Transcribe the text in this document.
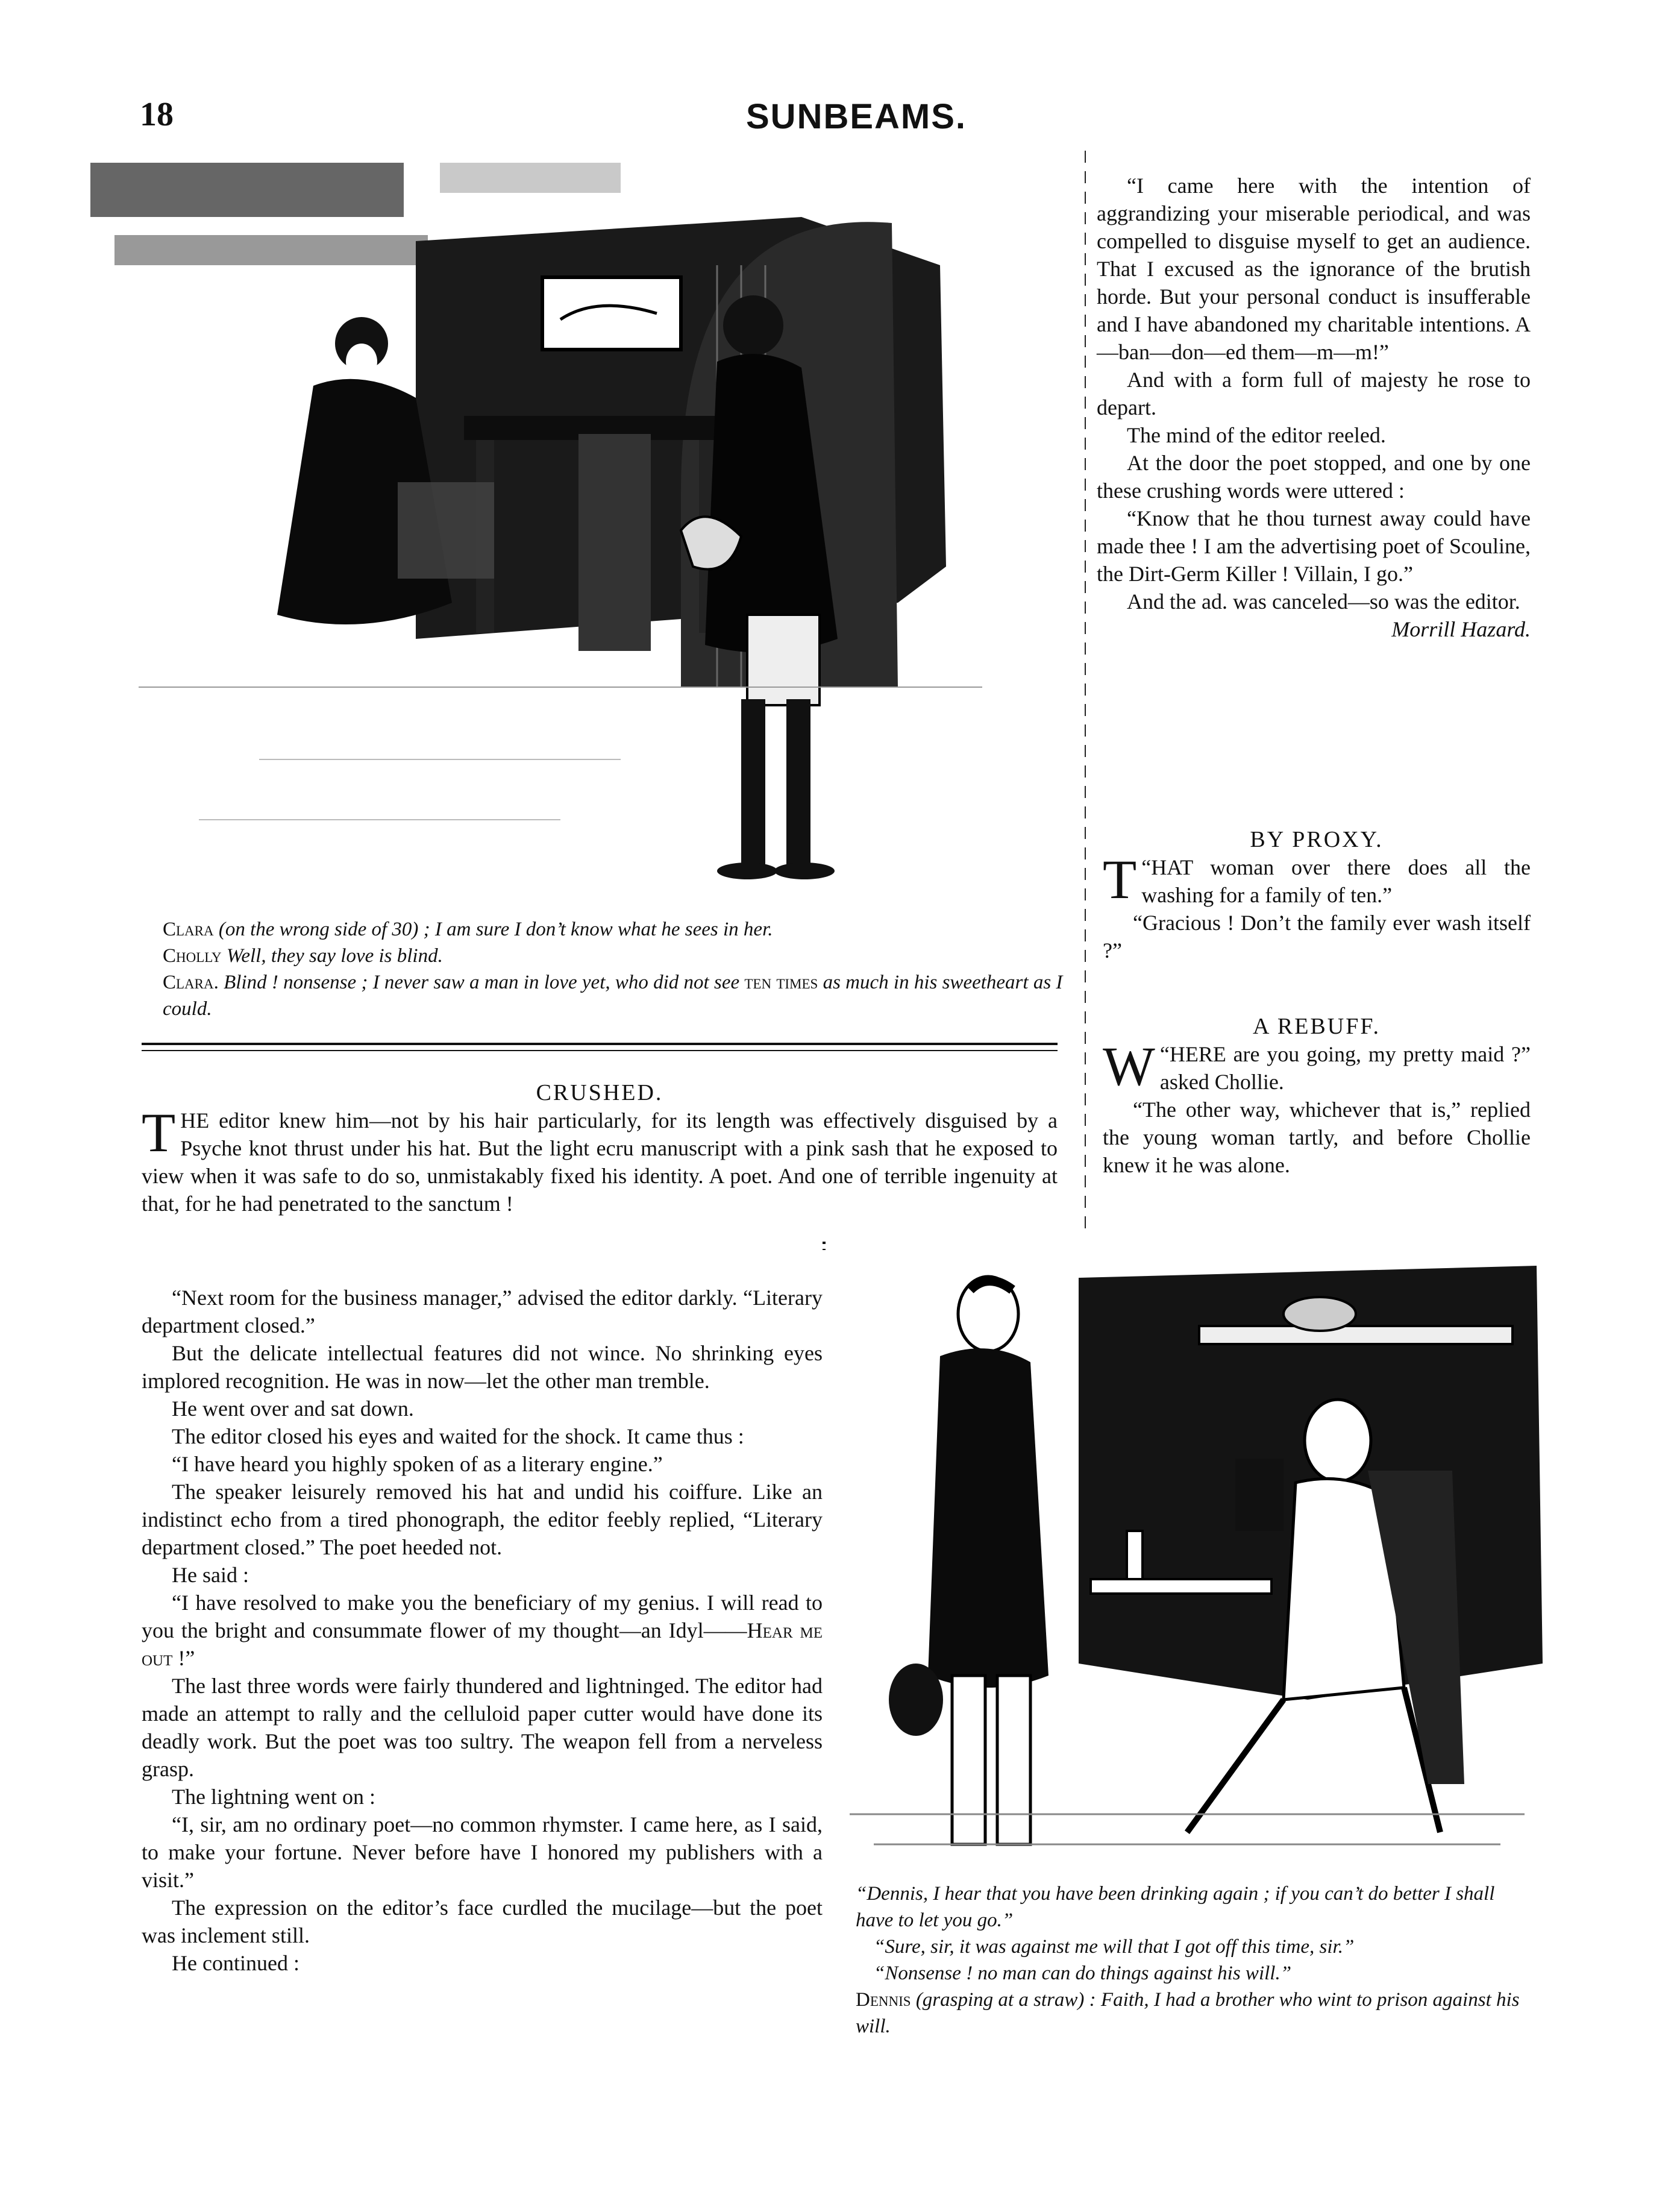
18	SUNBEAMS.

“I came here with the intention of aggrandizing your miserable periodical, and was compelled to disguise myself to get an audience. That I excused as the ignorance of the brutish horde. But your personal conduct is insufferable and I have abandoned my charitable intentions. A—ban—don—ed them—m—m!”

And with a form full of majesty he rose to depart.

The mind of the editor reeled.

At the door the poet stopped, and one by one these crushing words were uttered :

“Know that he thou turnest away could have made thee ! I am the advertising poet of Scouline, the Dirt-Germ Killer ! Villain, I go.”

And the ad. was canceled—so was the editor.

Morrill Hazard.

Clara (on the wrong side of 30) ; I am sure I don’t know what he sees in her.

Cholly Well, they say love is blind.

Clara. Blind ! nonsense ; I never saw a man in love yet, who did not see ten times as much in his sweetheart as I could.

BY PROXY.

“
T HAT woman over there does all the washing for a family of ten.”

“Gracious ! Don’t the family ever wash itself ?”

A REBUFF.

“
W HERE are you going, my pretty maid ?” asked Chollie.

“The other way, whichever that is,” replied the young woman tartly, and before Chollie knew it he was alone.

CRUSHED.

THE editor knew him—not by his hair particularly, for its length was effectively disguised by a Psyche knot thrust under his hat. But the light ecru manuscript with a pink sash that he exposed to view when it was safe to do so, unmistakably fixed his identity. A poet. And one of terrible ingenuity at that, for he had penetrated to the sanctum !

“Next room for the business manager,” advised the editor darkly. “Literary department closed.”

But the delicate intellectual features did not wince. No shrinking eyes implored recognition. He was in now—let the other man tremble.

He went over and sat down.

The editor closed his eyes and waited for the shock. It came thus :

“I have heard you highly spoken of as a literary engine.”

The speaker leisurely removed his hat and undid his coiffure. Like an indistinct echo from a tired phonograph, the editor feebly replied, “Literary department closed.” The poet heeded not.

He said :

“I have resolved to make you the beneficiary of my genius. I will read to you the bright and consummate flower of my thought—an Idyl——Hear me out !”

The last three words were fairly thundered and lightninged. The editor had made an attempt to rally and the celluloid paper cutter would have done its deadly work. But the poet was too sultry. The weapon fell from a nerveless grasp.

The lightning went on :

“I, sir, am no ordinary poet—no common rhymster. I came here, as I said, to make your fortune. Never before have I honored my publishers with a visit.”

The expression on the editor’s face curdled the mucilage—but the poet was inclement still.

He continued :

“Dennis, I hear that you have been drinking again ; if you can’t do better I shall have to let you go.”

“Sure, sir, it was against me will that I got off this time, sir.”

“Nonsense ! no man can do things against his will.”

Dennis (grasping at a straw) : Faith, I had a brother who wint to prison against his will.
